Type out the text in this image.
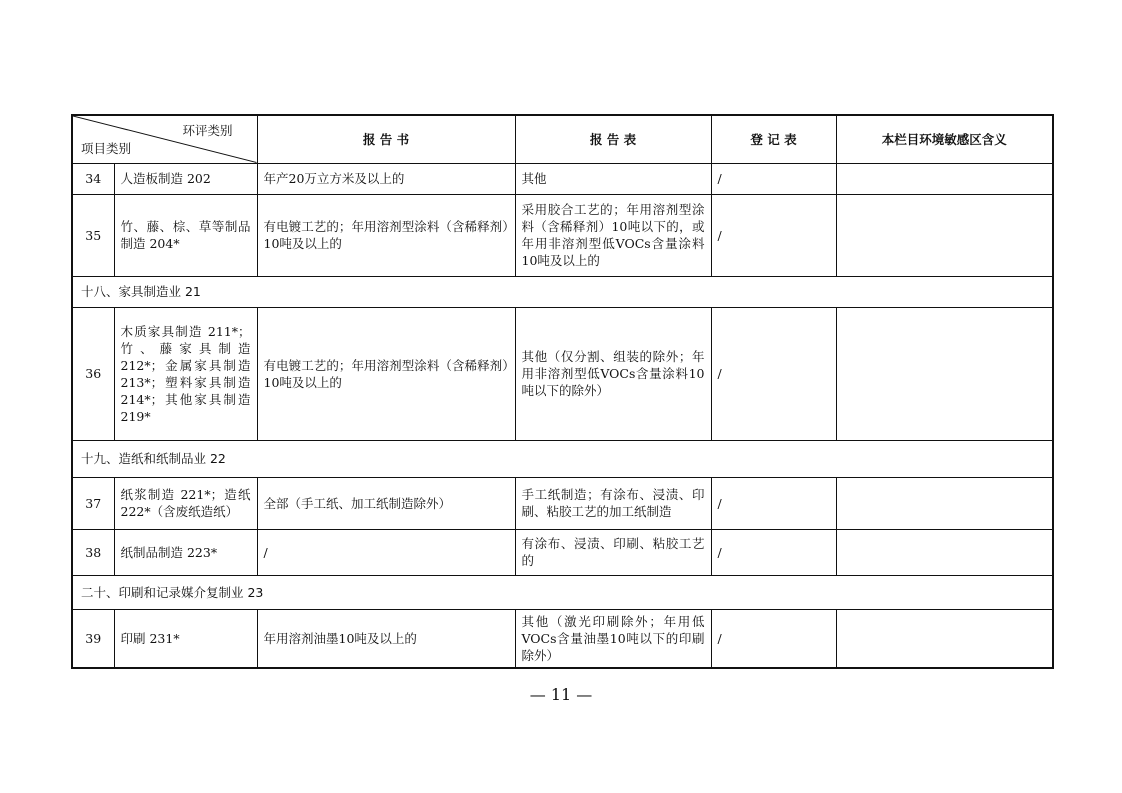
环评类别
项目类别		报 告 书	报 告 表	登 记 表	本栏目环境敏感区含义
34	人造板制造 202	年产20万立方米及以上的	其他	/	
35	竹、藤、棕、草等制品制造 204*	有电镀工艺的；年用溶剂型涂料（含稀释剂）10吨及以上的	采用胶合工艺的；年用溶剂型涂料（含稀释剂）10吨以下的，或年用非溶剂型低VOCs含量涂料10吨及以上的	/	
十八、家具制造业 21					
36	木质家具制造 211*；竹、藤家具制造 212*；金属家具制造 213*；塑料家具制造 214*；其他家具制造 219*	有电镀工艺的；年用溶剂型涂料（含稀释剂）10吨及以上的	其他（仅分割、组装的除外；年用非溶剂型低VOCs含量涂料10吨以下的除外）	/	
十九、造纸和纸制品业 22					
37	纸浆制造 221*；造纸 222*（含废纸造纸）	全部（手工纸、加工纸制造除外）	手工纸制造；有涂布、浸渍、印刷、粘胶工艺的加工纸制造	/	
38	纸制品制造 223*	/	有涂布、浸渍、印刷、粘胶工艺的	/	
二十、印刷和记录媒介复制业 23					
39	印刷 231*	年用溶剂油墨10吨及以上的	其他（激光印刷除外；年用低VOCs含量油墨10吨以下的印刷除外）	/	
— 11 —
